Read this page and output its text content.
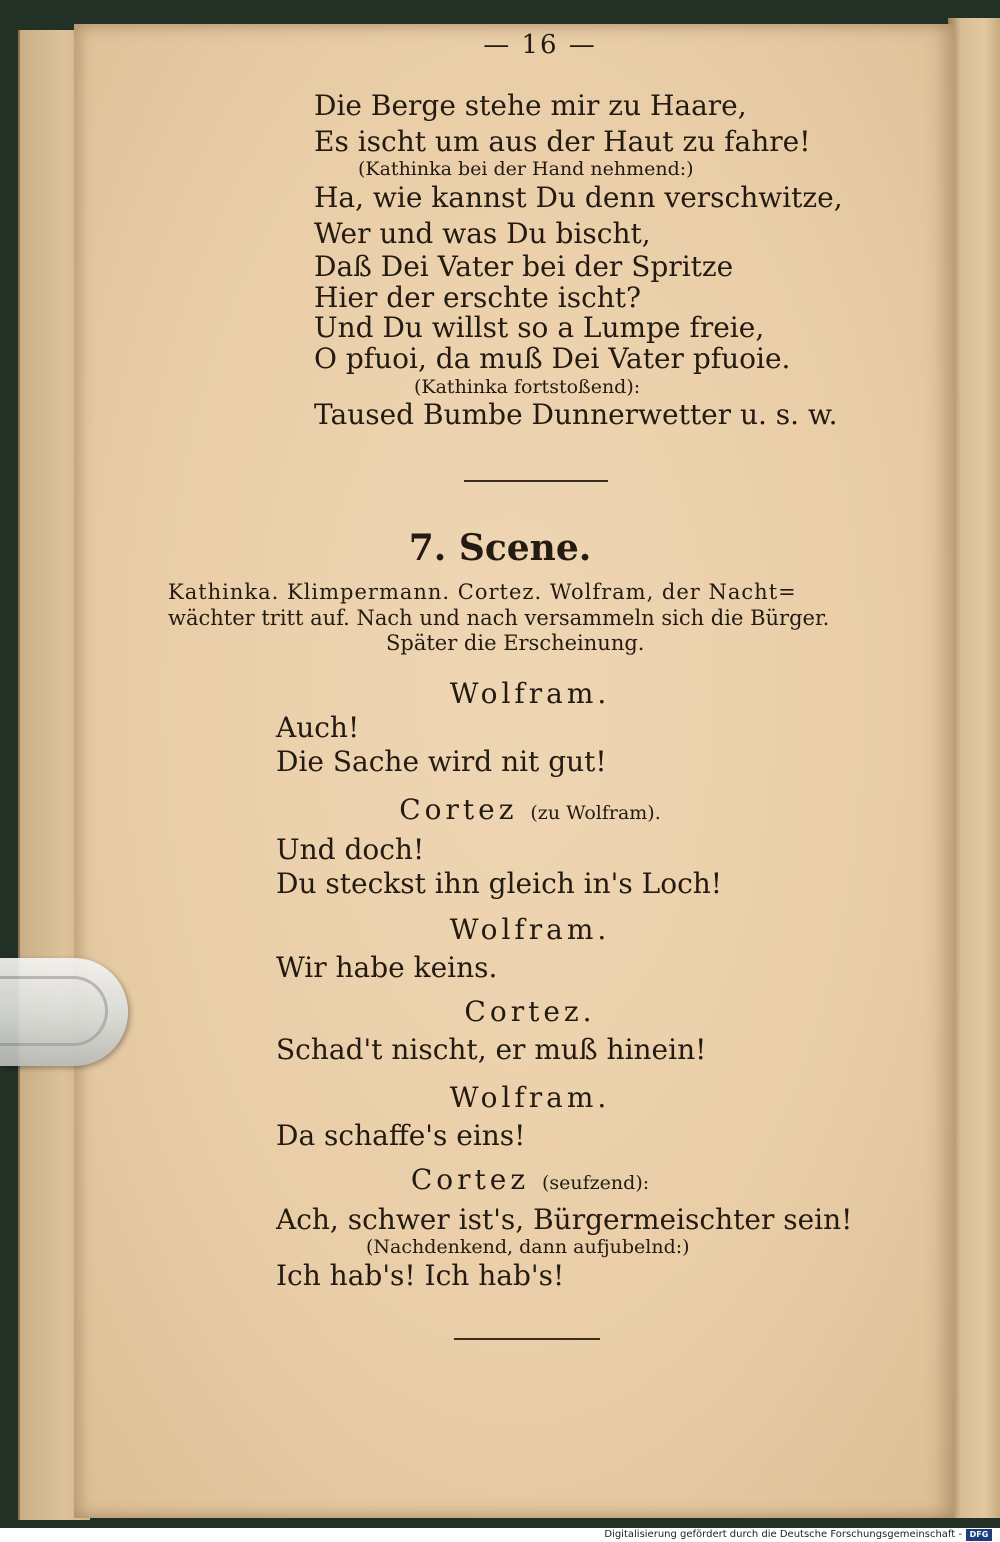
— 16 —
Die Berge stehe mir zu Haare,
Es ischt um aus der Haut zu fahre!
(Kathinka bei der Hand nehmend:)
Ha, wie kannst Du denn verschwitze,
Wer und was Du bischt,
Daß Dei Vater bei der Spritze
Hier der erschte ischt?
Und Du willst so a Lumpe freie,
O pfuoi, da muß Dei Vater pfuoie.
(Kathinka fortstoßend):
Taused Bumbe Dunnerwetter u. s. w.
7. Scene.
Kathinka. Klimpermann. Cortez. Wolfram, der Nacht=
wächter tritt auf. Nach und nach versammeln sich die Bürger.
Später die Erscheinung.
Wolfram.
Auch!
Die Sache wird nit gut!
Cortez (zu Wolfram).
Und doch!
Du steckst ihn gleich in's Loch!
Wolfram.
Wir habe keins.
Cortez.
Schad't nischt, er muß hinein!
Wolfram.
Da schaffe's eins!
Cortez (seufzend):
Ach, schwer ist's, Bürgermeischter sein!
(Nachdenkend, dann aufjubelnd:)
Ich hab's! Ich hab's!
Digitalisierung gefördert durch die Deutsche Forschungsgemeinschaft - DFG
